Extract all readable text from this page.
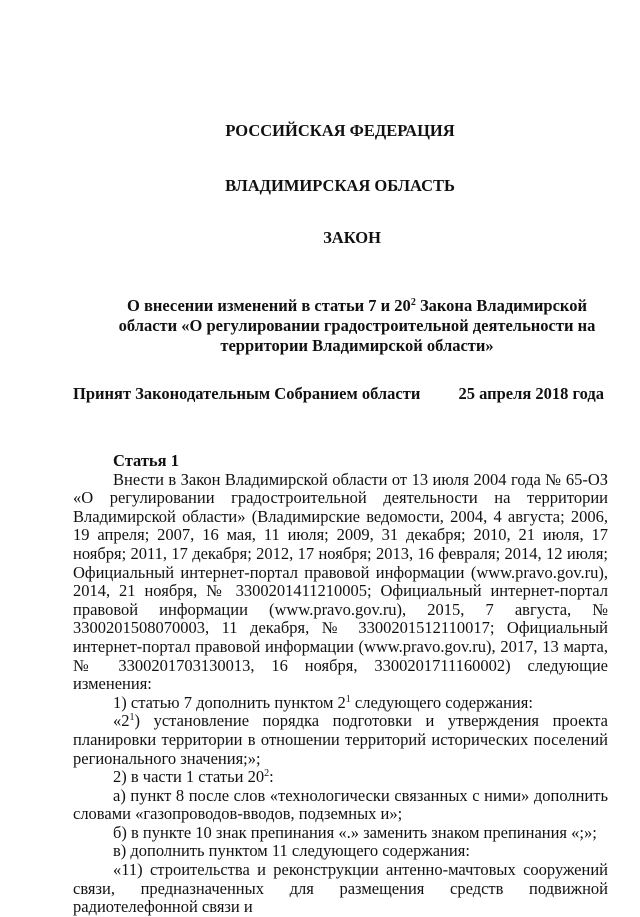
РОССИЙСКАЯ ФЕДЕРАЦИЯ
ВЛАДИМИРСКАЯ ОБЛАСТЬ
ЗАКОН
О внесении изменений в статьи 7 и $20^2$ Закона Владимирской области «О регулировании градостроительной деятельности на территории Владимирской области»
Принят Законодательным Собранием области 25 апреля 2018 года

Статья 1

Внести в Закон Владимирской области от 13 июля 2004 года № 65-ОЗ «О регулировании градостроительной деятельности на территории Владимирской области» (Владимирские ведомости, 2004, 4 августа; 2006, 19 апреля; 2007, 16 мая, 11 июля; 2009, 31 декабря; 2010, 21 июля, 17 ноября; 2011, 17 декабря; 2012, 17 ноября; 2013, 16 февраля; 2014, 12 июля; Официальный интернет-портал правовой информации (www.pravo.gov.ru), 2014, 21 ноября, № 3300201411210005; Официальный интернет-портал правовой информации (www.pravo.gov.ru), 2015, 7 августа, № 3300201508070003, 11 декабря, № 3300201512110017; Официальный интернет-портал правовой информации (www.pravo.gov.ru), 2017, 13 марта, № 3300201703130013, 16 ноября, 3300201711160002) следующие изменения:

1) статью 7 дополнить пунктом $2^1$ следующего содержания:

«$2^1$) установление порядка подготовки и утверждения проекта планировки территории в отношении территорий исторических поселений регионального значения;»;

2) в части 1 статьи $20^2$:

а) пункт 8 после слов «технологически связанных с ними» дополнить словами «газопроводов-вводов, подземных и»;

б) в пункте 10 знак препинания «.» заменить знаком препинания «;»;

в) дополнить пунктом 11 следующего содержания:

«11) строительства и реконструкции антенно-мачтовых сооружений связи, предназначенных для размещения средств подвижной радиотелефонной связи и
